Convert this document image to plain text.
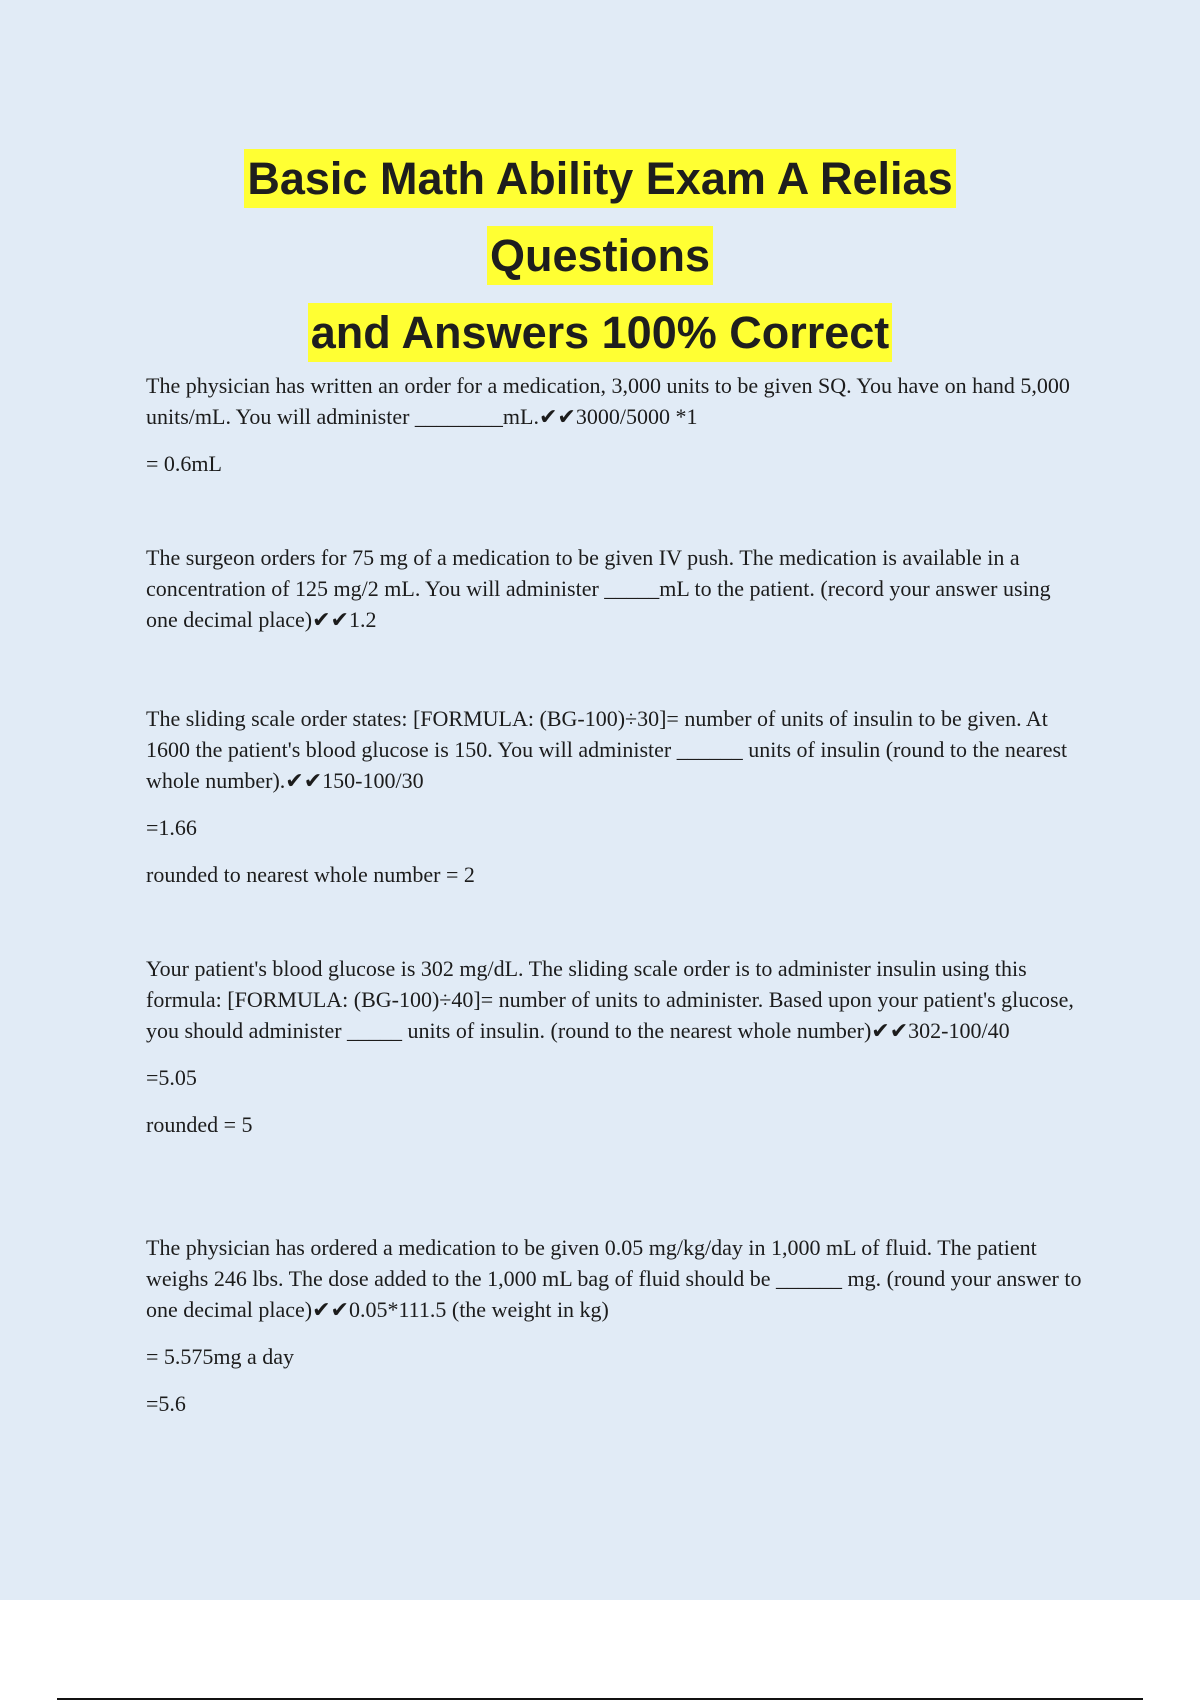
Basic Math Ability Exam A Relias
Questions
and Answers 100% Correct

The physician has written an order for a medication, 3,000 units to be given SQ. You have on hand 5,000 units/mL. You will administer ________mL.✔✔3000/5000 *1

= 0.6mL

The surgeon orders for 75 mg of a medication to be given IV push. The medication is available in a concentration of 125 mg/2 mL. You will administer _____mL to the patient. (record your answer using one decimal place)✔✔1.2

The sliding scale order states: [FORMULA: (BG-100)÷30]= number of units of insulin to be given. At 1600 the patient's blood glucose is 150. You will administer ______ units of insulin (round to the nearest whole number).✔✔150-100/30

=1.66

rounded to nearest whole number = 2

Your patient's blood glucose is 302 mg/dL. The sliding scale order is to administer insulin using this formula: [FORMULA: (BG-100)÷40]= number of units to administer. Based upon your patient's glucose, you should administer _____ units of insulin. (round to the nearest whole number)✔✔302-100/40

=5.05

rounded = 5

The physician has ordered a medication to be given 0.05 mg/kg/day in 1,000 mL of fluid. The patient weighs 246 lbs. The dose added to the 1,000 mL bag of fluid should be ______ mg. (round your answer to one decimal place)✔✔0.05*111.5 (the weight in kg)

= 5.575mg a day

=5.6
